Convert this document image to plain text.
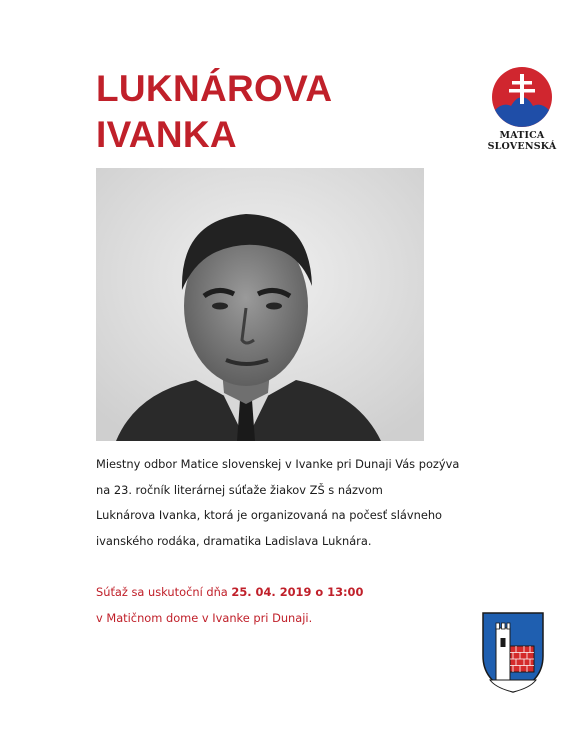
LUKNÁROVA
IVANKA	MATICA
SLOVENSKÁ
Miestny odbor Matice slovenskej v Ivanke pri Dunaji Vás pozýva
na 23. ročník literárnej súťaže žiakov ZŠ s názvom
Luknárova Ivanka, ktorá je organizovaná na počesť slávneho
ivanského rodáka, dramatika Ladislava Luknára.
Súťaž sa uskutoční dňa 25. 04. 2019 o 13:00
v Matičnom dome v Ivanke pri Dunaji.
